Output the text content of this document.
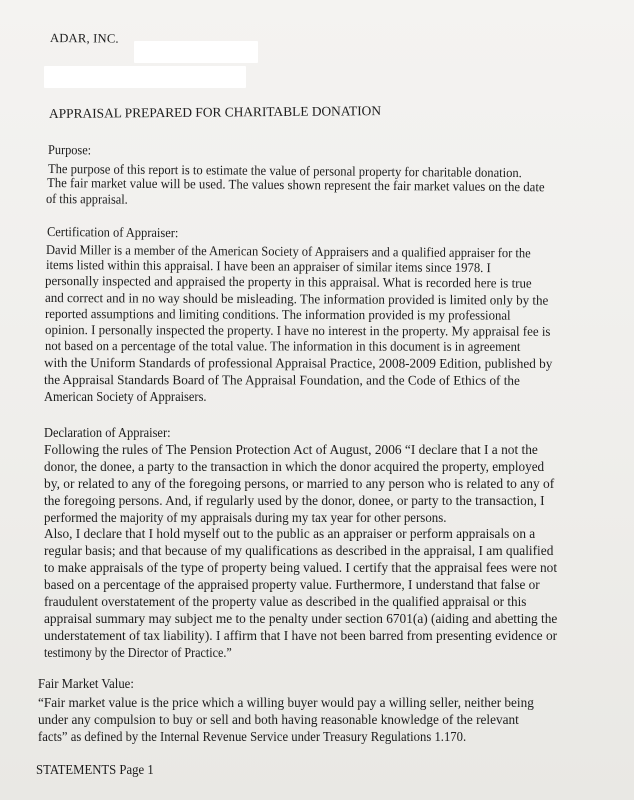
ADAR, INC.
APPRAISAL PREPARED FOR CHARITABLE DONATION
Purpose:
The purpose of this report is to estimate the value of personal property for charitable donation.
The fair market value will be used. The values shown represent the fair market values on the date
of this appraisal.
Certification of Appraiser:
David Miller is a member of the American Society of Appraisers and a qualified appraiser for the
items listed within this appraisal. I have been an appraiser of similar items since 1978. I
personally inspected and appraised the property in this appraisal. What is recorded here is true
and correct and in no way should be misleading. The information provided is limited only by the
reported assumptions and limiting conditions. The information provided is my professional
opinion. I personally inspected the property. I have no interest in the property. My appraisal fee is
not based on a percentage of the total value. The information in this document is in agreement
with the Uniform Standards of professional Appraisal Practice, 2008-2009 Edition, published by
the Appraisal Standards Board of The Appraisal Foundation, and the Code of Ethics of the
American Society of Appraisers.
Declaration of Appraiser:
Following the rules of The Pension Protection Act of August, 2006 “I declare that I a not the
donor, the donee, a party to the transaction in which the donor acquired the property, employed
by, or related to any of the foregoing persons, or married to any person who is related to any of
the foregoing persons. And, if regularly used by the donor, donee, or party to the transaction, I
performed the majority of my appraisals during my tax year for other persons.
Also, I declare that I hold myself out to the public as an appraiser or perform appraisals on a
regular basis; and that because of my qualifications as described in the appraisal, I am qualified
to make appraisals of the type of property being valued. I certify that the appraisal fees were not
based on a percentage of the appraised property value. Furthermore, I understand that false or
fraudulent overstatement of the property value as described in the qualified appraisal or this
appraisal summary may subject me to the penalty under section 6701(a) (aiding and abetting the
understatement of tax liability). I affirm that I have not been barred from presenting evidence or
testimony by the Director of Practice.”
Fair Market Value:
“Fair market value is the price which a willing buyer would pay a willing seller, neither being
under any compulsion to buy or sell and both having reasonable knowledge of the relevant
facts” as defined by the Internal Revenue Service under Treasury Regulations 1.170.
STATEMENTS Page 1
